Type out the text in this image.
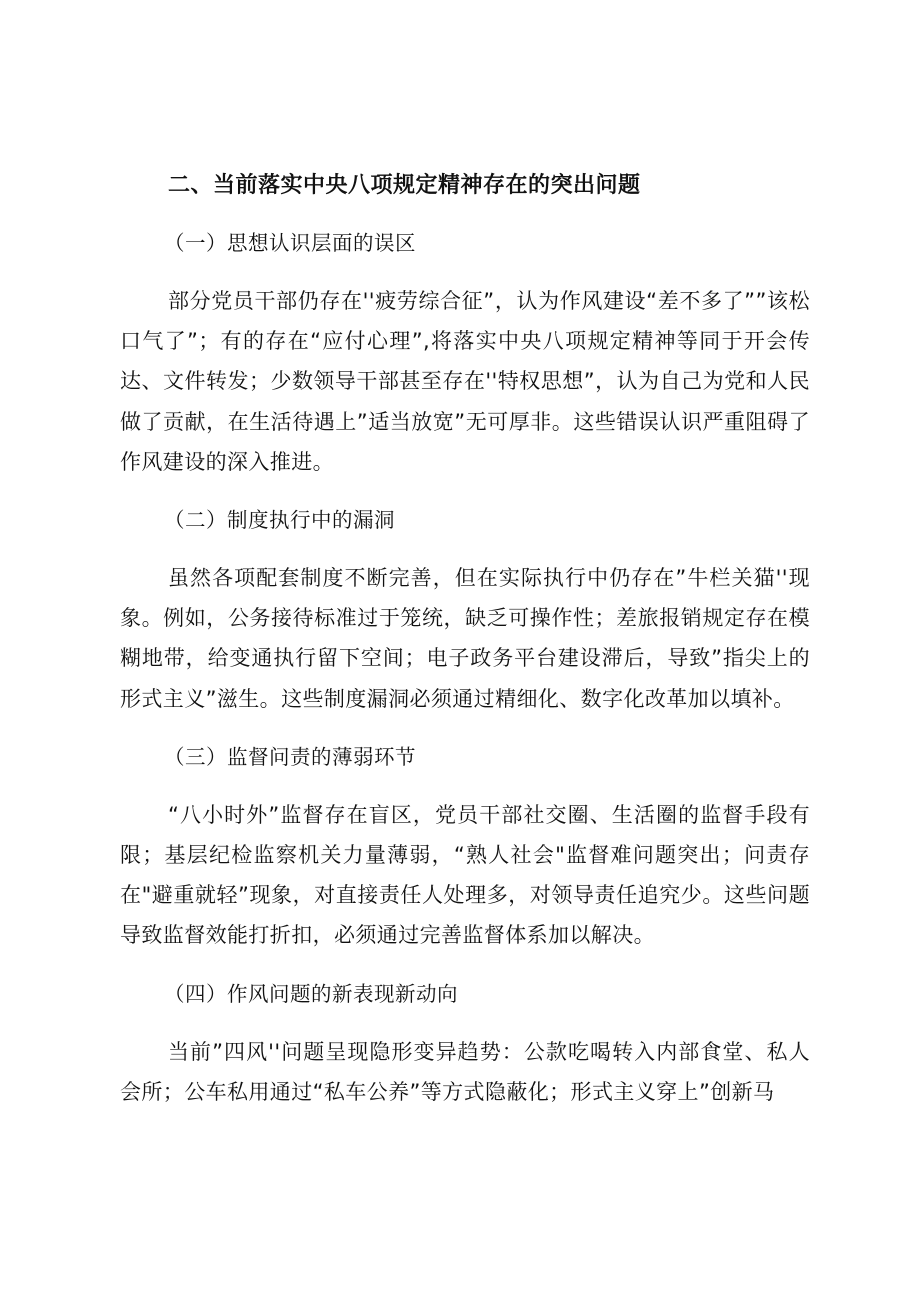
二、当前落实中央八项规定精神存在的突出问题
（一）思想认识层面的误区

部分党员干部仍存在''疲劳综合征”，认为作风建设“差不多了””该松口气了”；有的存在“应付心理”,将落实中央八项规定精神等同于开会传达、文件转发；少数领导干部甚至存在''特权思想”，认为自己为党和人民做了贡献，在生活待遇上”适当放宽”无可厚非。这些错误认识严重阻碍了作风建设的深入推进。

（二）制度执行中的漏洞

虽然各项配套制度不断完善，但在实际执行中仍存在”牛栏关猫''现象。例如，公务接待标准过于笼统，缺乏可操作性；差旅报销规定存在模糊地带，给变通执行留下空间；电子政务平台建设滞后，导致”指尖上的形式主义”滋生。这些制度漏洞必须通过精细化、数字化改革加以填补。

（三）监督问责的薄弱环节

“八小时外”监督存在盲区，党员干部社交圈、生活圈的监督手段有限；基层纪检监察机关力量薄弱，“熟人社会"监督难问题突出；问责存在"避重就轻”现象，对直接责任人处理多，对领导责任追究少。这些问题导致监督效能打折扣，必须通过完善监督体系加以解决。

（四）作风问题的新表现新动向

当前”四风''问题呈现隐形变异趋势：公款吃喝转入内部食堂、私人会所；公车私用通过“私车公养”等方式隐蔽化；形式主义穿上”创新马
